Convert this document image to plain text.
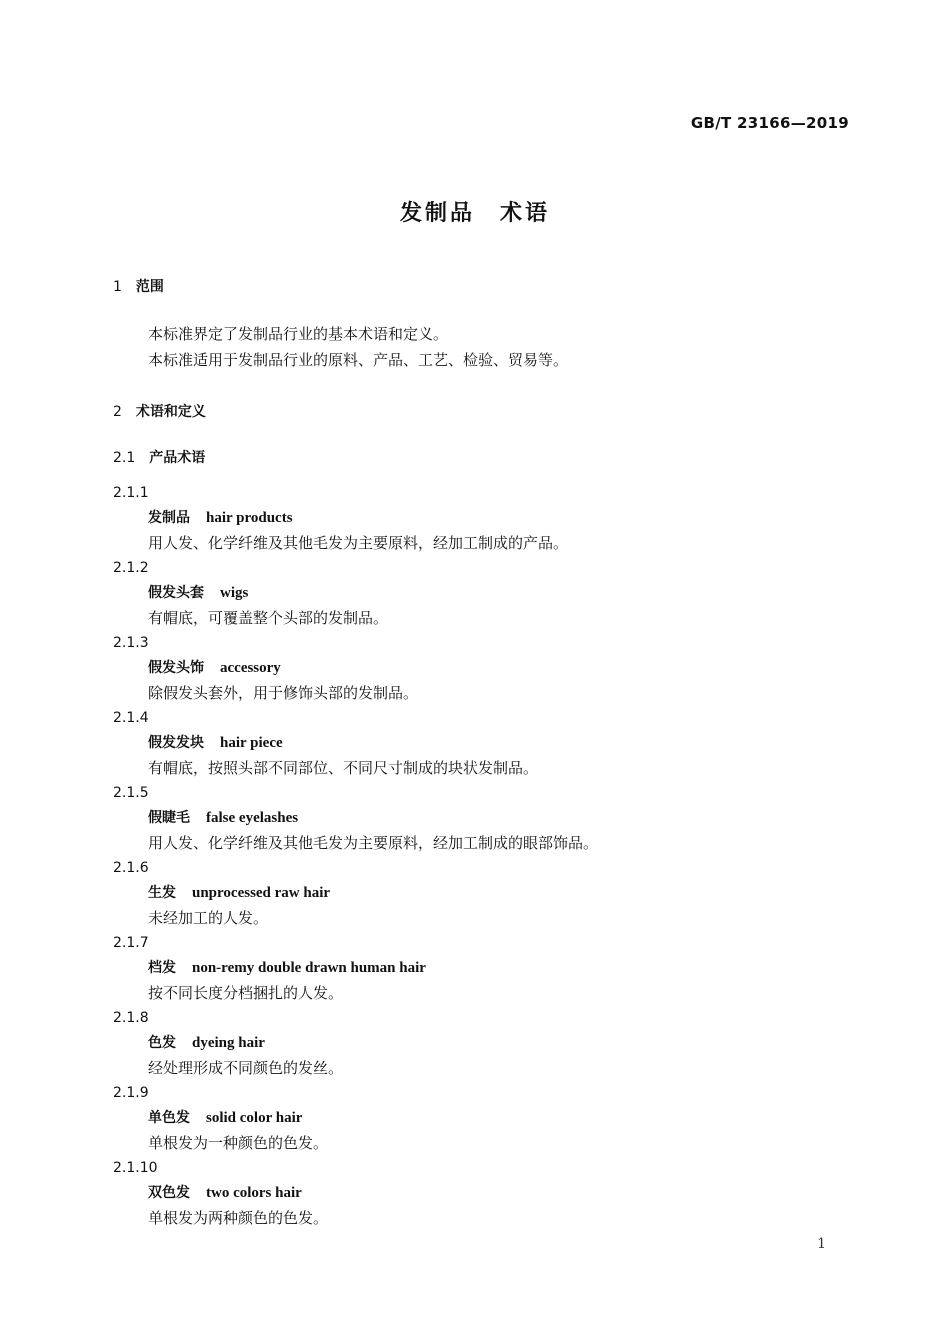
GB/T 23166—2019
发制品　术语
1 范围
本标准界定了发制品行业的基本术语和定义。
本标准适用于发制品行业的原料、产品、工艺、检验、贸易等。
2 术语和定义
2.1 产品术语
2.1.1
发制品 hair products
用人发、化学纤维及其他毛发为主要原料，经加工制成的产品。
2.1.2
假发头套 wigs
有帽底，可覆盖整个头部的发制品。
2.1.3
假发头饰 accessory
除假发头套外，用于修饰头部的发制品。
2.1.4
假发发块 hair piece
有帽底，按照头部不同部位、不同尺寸制成的块状发制品。
2.1.5
假睫毛 false eyelashes
用人发、化学纤维及其他毛发为主要原料，经加工制成的眼部饰品。
2.1.6
生发 unprocessed raw hair
未经加工的人发。
2.1.7
档发 non-remy double drawn human hair
按不同长度分档捆扎的人发。
2.1.8
色发 dyeing hair
经处理形成不同颜色的发丝。
2.1.9
单色发 solid color hair
单根发为一种颜色的色发。
2.1.10
双色发 two colors hair
单根发为两种颜色的色发。
1
